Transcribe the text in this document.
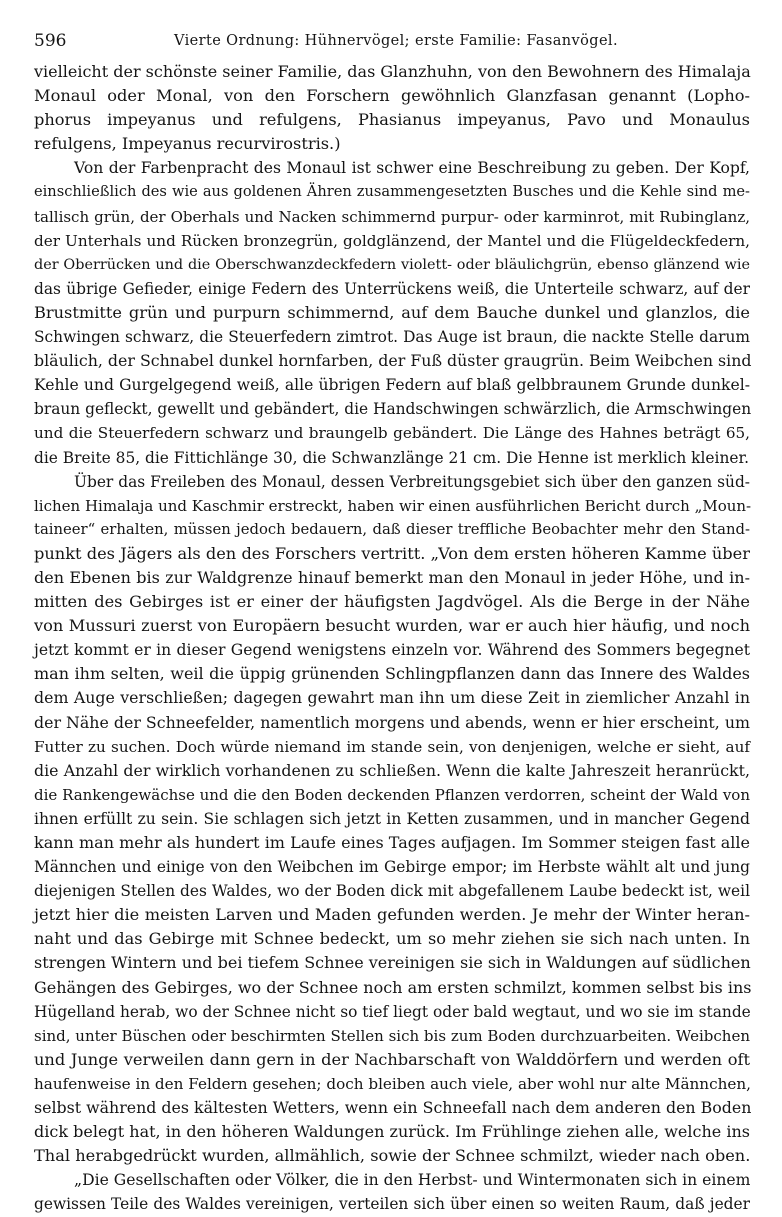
596	Vierte Ordnung: Hühnervögel; erste Familie: Fasanvögel.
vielleicht der schönste seiner Familie, das Glanzhuhn, von den Bewohnern des Himalaja
Monaul oder Monal, von den Forschern gewöhnlich Glanzfasan genannt (Lopho-
phorus impeyanus und refulgens, Phasianus impeyanus, Pavo und Monaulus
refulgens, Impeyanus recurvirostris.)
Von der Farbenpracht des Monaul ist schwer eine Beschreibung zu geben. Der Kopf,
einschließlich des wie aus goldenen Ähren zusammengesetzten Busches und die Kehle sind me-
tallisch grün, der Oberhals und Nacken schimmernd purpur- oder karminrot, mit Rubinglanz,
der Unterhals und Rücken bronzegrün, goldglänzend, der Mantel und die Flügeldeckfedern,
der Oberrücken und die Oberschwanzdeckfedern violett- oder bläulichgrün, ebenso glänzend wie
das übrige Gefieder, einige Federn des Unterrückens weiß, die Unterteile schwarz, auf der
Brustmitte grün und purpurn schimmernd, auf dem Bauche dunkel und glanzlos, die
Schwingen schwarz, die Steuerfedern zimtrot. Das Auge ist braun, die nackte Stelle darum
bläulich, der Schnabel dunkel hornfarben, der Fuß düster graugrün. Beim Weibchen sind
Kehle und Gurgelgegend weiß, alle übrigen Federn auf blaß gelbbraunem Grunde dunkel-
braun gefleckt, gewellt und gebändert, die Handschwingen schwärzlich, die Armschwingen
und die Steuerfedern schwarz und braungelb gebändert. Die Länge des Hahnes beträgt 65,
die Breite 85, die Fittichlänge 30, die Schwanzlänge 21 cm. Die Henne ist merklich kleiner.
Über das Freileben des Monaul, dessen Verbreitungsgebiet sich über den ganzen süd-
lichen Himalaja und Kaschmir erstreckt, haben wir einen ausführlichen Bericht durch „Moun-
taineer“ erhalten, müssen jedoch bedauern, daß dieser treffliche Beobachter mehr den Stand-
punkt des Jägers als den des Forschers vertritt. „Von dem ersten höheren Kamme über
den Ebenen bis zur Waldgrenze hinauf bemerkt man den Monaul in jeder Höhe, und in-
mitten des Gebirges ist er einer der häufigsten Jagdvögel. Als die Berge in der Nähe
von Mussuri zuerst von Europäern besucht wurden, war er auch hier häufig, und noch
jetzt kommt er in dieser Gegend wenigstens einzeln vor. Während des Sommers begegnet
man ihm selten, weil die üppig grünenden Schlingpflanzen dann das Innere des Waldes
dem Auge verschließen; dagegen gewahrt man ihn um diese Zeit in ziemlicher Anzahl in
der Nähe der Schneefelder, namentlich morgens und abends, wenn er hier erscheint, um
Futter zu suchen. Doch würde niemand im stande sein, von denjenigen, welche er sieht, auf
die Anzahl der wirklich vorhandenen zu schließen. Wenn die kalte Jahreszeit heranrückt,
die Rankengewächse und die den Boden deckenden Pflanzen verdorren, scheint der Wald von
ihnen erfüllt zu sein. Sie schlagen sich jetzt in Ketten zusammen, und in mancher Gegend
kann man mehr als hundert im Laufe eines Tages aufjagen. Im Sommer steigen fast alle
Männchen und einige von den Weibchen im Gebirge empor; im Herbste wählt alt und jung
diejenigen Stellen des Waldes, wo der Boden dick mit abgefallenem Laube bedeckt ist, weil
jetzt hier die meisten Larven und Maden gefunden werden. Je mehr der Winter heran-
naht und das Gebirge mit Schnee bedeckt, um so mehr ziehen sie sich nach unten. In
strengen Wintern und bei tiefem Schnee vereinigen sie sich in Waldungen auf südlichen
Gehängen des Gebirges, wo der Schnee noch am ersten schmilzt, kommen selbst bis ins
Hügelland herab, wo der Schnee nicht so tief liegt oder bald wegtaut, und wo sie im stande
sind, unter Büschen oder beschirmten Stellen sich bis zum Boden durchzuarbeiten. Weibchen
und Junge verweilen dann gern in der Nachbarschaft von Walddörfern und werden oft
haufenweise in den Feldern gesehen; doch bleiben auch viele, aber wohl nur alte Männchen,
selbst während des kältesten Wetters, wenn ein Schneefall nach dem anderen den Boden
dick belegt hat, in den höheren Waldungen zurück. Im Frühlinge ziehen alle, welche ins
Thal herabgedrückt wurden, allmählich, sowie der Schnee schmilzt, wieder nach oben.
„Die Gesellschaften oder Völker, die in den Herbst- und Wintermonaten sich in einem
gewissen Teile des Waldes vereinigen, verteilen sich über einen so weiten Raum, daß jeder
